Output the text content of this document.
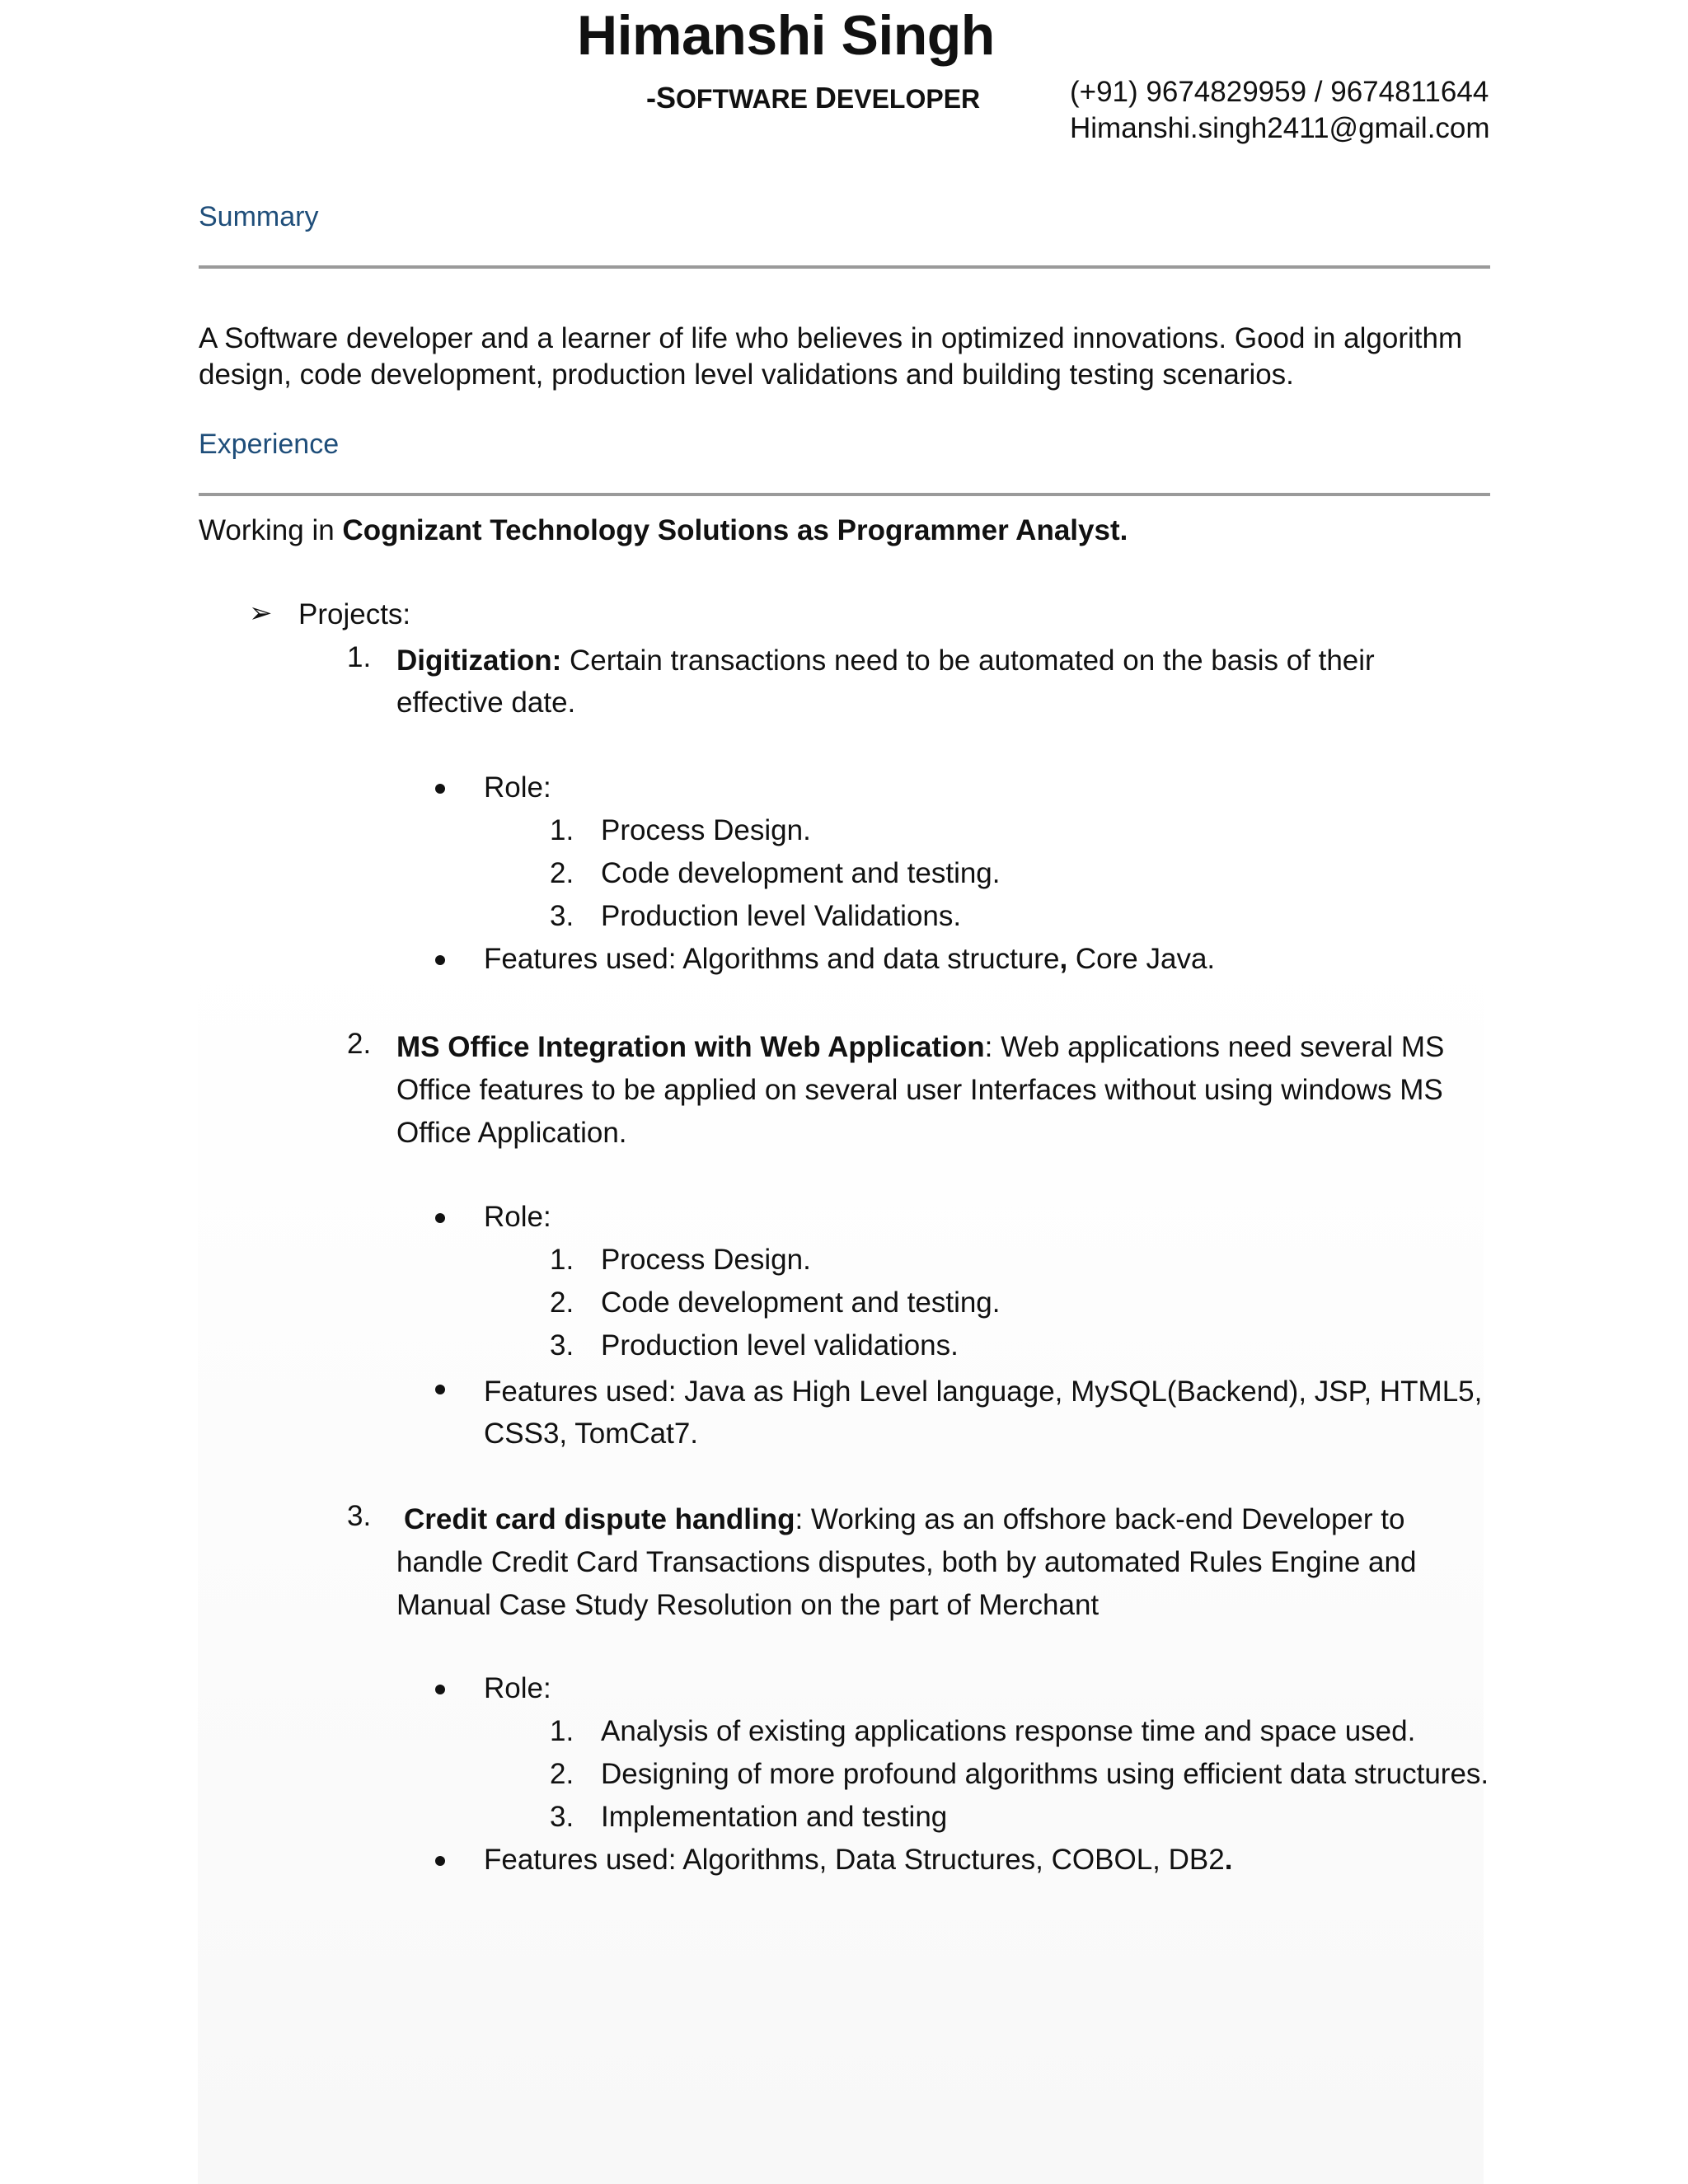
Himanshi Singh
-SOFTWARE DEVELOPER	(+91) 9674829959 / 9674811644
Himanshi.singh2411@gmail.com
Summary
A Software developer and a learner of life who believes in optimized innovations. Good in algorithm design, code development, production level validations and building testing scenarios.
Experience
Working in Cognizant Technology Solutions as Programmer Analyst.
➢ Projects:
1. Digitization: Certain transactions need to be automated on the basis of their effective date.
Role:
1. Process Design.
2. Code development and testing.
3. Production level Validations.
Features used: Algorithms and data structure, Core Java.
2. MS Office Integration with Web Application: Web applications need several MS Office features to be applied on several user Interfaces without using windows MS Office Application.
Role:
1. Process Design.
2. Code development and testing.
3. Production level validations.
Features used: Java as High Level language, MySQL(Backend), JSP, HTML5, CSS3, TomCat7.
3. Credit card dispute handling: Working as an offshore back-end Developer to handle Credit Card Transactions disputes, both by automated Rules Engine and Manual Case Study Resolution on the part of Merchant
Role:
1. Analysis of existing applications response time and space used.
2. Designing of more profound algorithms using efficient data structures.
3. Implementation and testing
Features used: Algorithms, Data Structures, COBOL, DB2.
